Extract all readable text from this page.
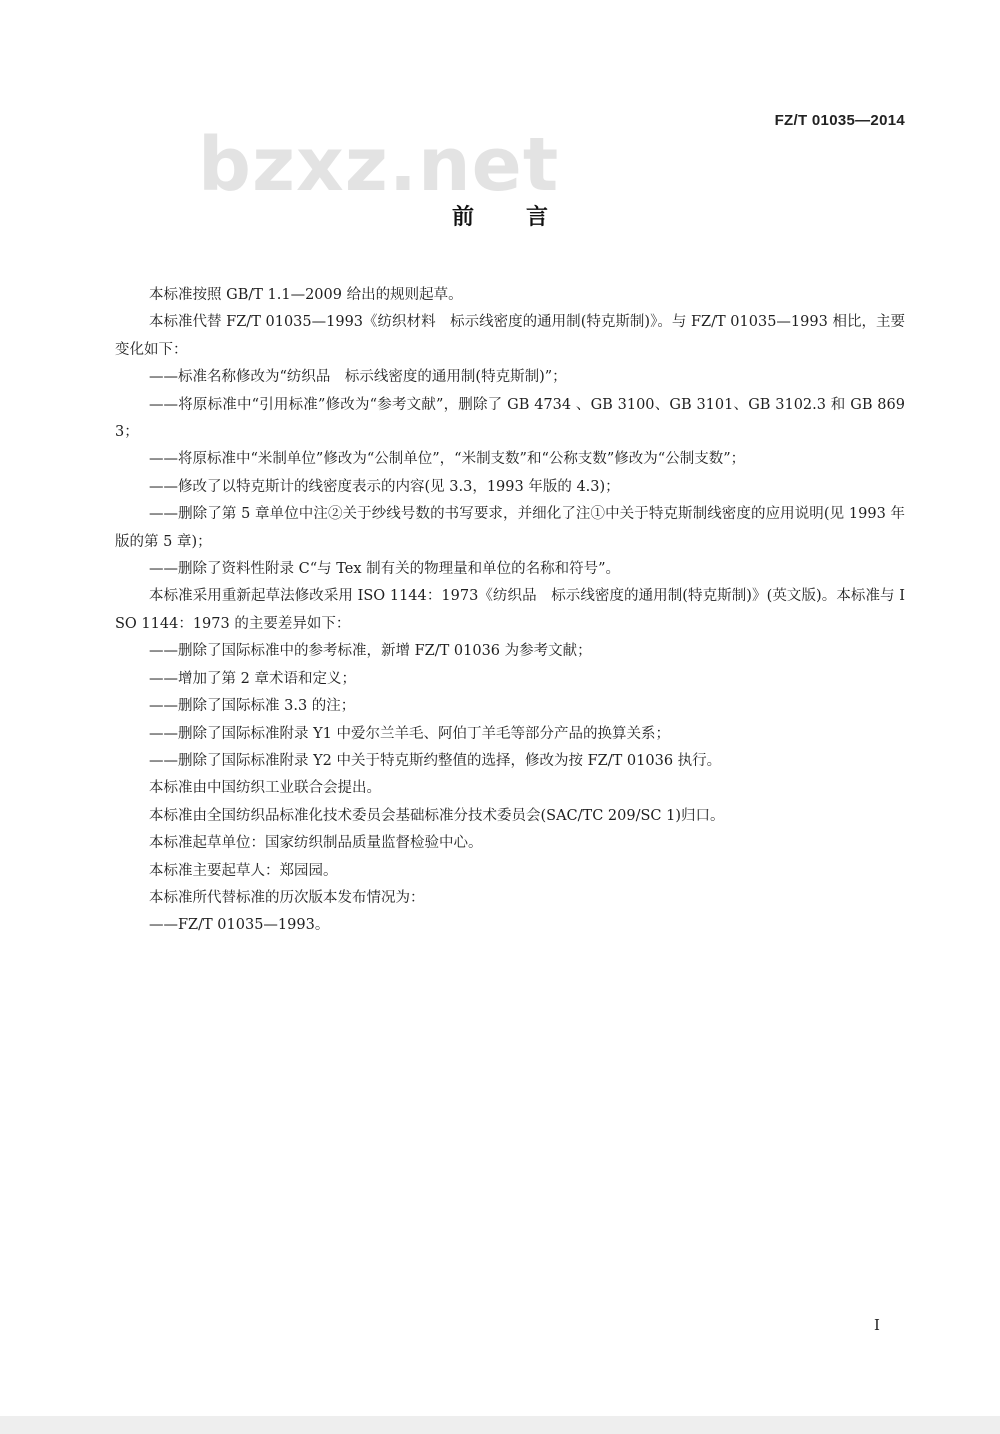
FZ/T 01035—2014
bzxz.net
前言

本标准按照 GB/T 1.1—2009 给出的规则起草。

本标准代替 FZ/T 01035—1993《纺织材料　标示线密度的通用制(特克斯制)》。与 FZ/T 01035—1993 相比，主要变化如下：

——标准名称修改为“纺织品　标示线密度的通用制(特克斯制)”；

——将原标准中“引用标准”修改为“参考文献”，删除了 GB 4734 、GB 3100、GB 3101、GB 3102.3 和 GB 8693；

——将原标准中“米制单位”修改为“公制单位”，“米制支数”和“公称支数”修改为“公制支数”；

——修改了以特克斯计的线密度表示的内容(见 3.3，1993 年版的 4.3)；

——删除了第 5 章单位中注②关于纱线号数的书写要求，并细化了注①中关于特克斯制线密度的应用说明(见 1993 年版的第 5 章)；

——删除了资料性附录 C“与 Tex 制有关的物理量和单位的名称和符号”。

本标准采用重新起草法修改采用 ISO 1144：1973《纺织品　标示线密度的通用制(特克斯制)》(英文版)。本标准与 ISO 1144：1973 的主要差异如下：

——删除了国际标准中的参考标准，新增 FZ/T 01036 为参考文献；

——增加了第 2 章术语和定义；

——删除了国际标准 3.3 的注；

——删除了国际标准附录 Y1 中爱尔兰羊毛、阿伯丁羊毛等部分产品的换算关系；

——删除了国际标准附录 Y2 中关于特克斯约整值的选择，修改为按 FZ/T 01036 执行。

本标准由中国纺织工业联合会提出。

本标准由全国纺织品标准化技术委员会基础标准分技术委员会(SAC/TC 209/SC 1)归口。

本标准起草单位：国家纺织制品质量监督检验中心。

本标准主要起草人：郑园园。

本标准所代替标准的历次版本发布情况为：

——FZ/T 01035—1993。

I
